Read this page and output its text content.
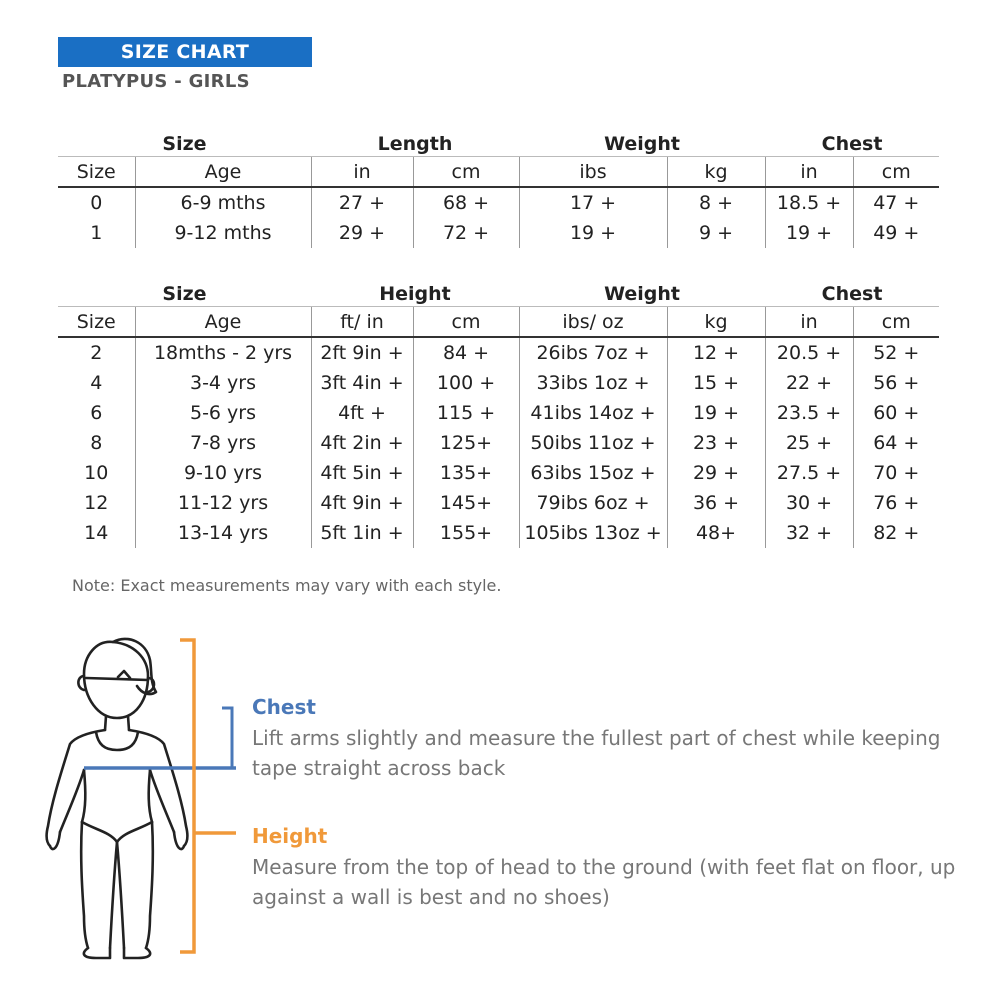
SIZE CHART
PLATYPUS - GIRLS
Size		Length		Weight		Chest	
Size	Age	in	cm	ibs	kg	in	cm
0	6-9 mths	27 +	68 +	17 +	8 +	18.5 +	47 +
1	9-12 mths	29 +	72 +	19 +	9 +	19 +	49 +
Size		Height		Weight		Chest	
Size	Age	ft/ in	cm	ibs/ oz	kg	in	cm
2	18mths - 2 yrs	2ft 9in +	84 +	26ibs 7oz +	12 +	20.5 +	52 +
4	3-4 yrs	3ft 4in +	100 +	33ibs 1oz +	15 +	22 +	56 +
6	5-6 yrs	4ft +	115 +	41ibs 14oz +	19 +	23.5 +	60 +
8	7-8 yrs	4ft 2in +	125+	50ibs 11oz +	23 +	25 +	64 +
10	9-10 yrs	4ft 5in +	135+	63ibs 15oz +	29 +	27.5 +	70 +
12	11-12 yrs	4ft 9in +	145+	79ibs 6oz +	36 +	30 +	76 +
14	13-14 yrs	5ft 1in +	155+	105ibs 13oz +	48+	32 +	82 +
Note: Exact measurements may vary with each style.
Chest
Lift arms slightly and measure the fullest part of chest while keeping
tape straight across back
Height
Measure from the top of head to the ground (with feet flat on floor, up
against a wall is best and no shoes)
